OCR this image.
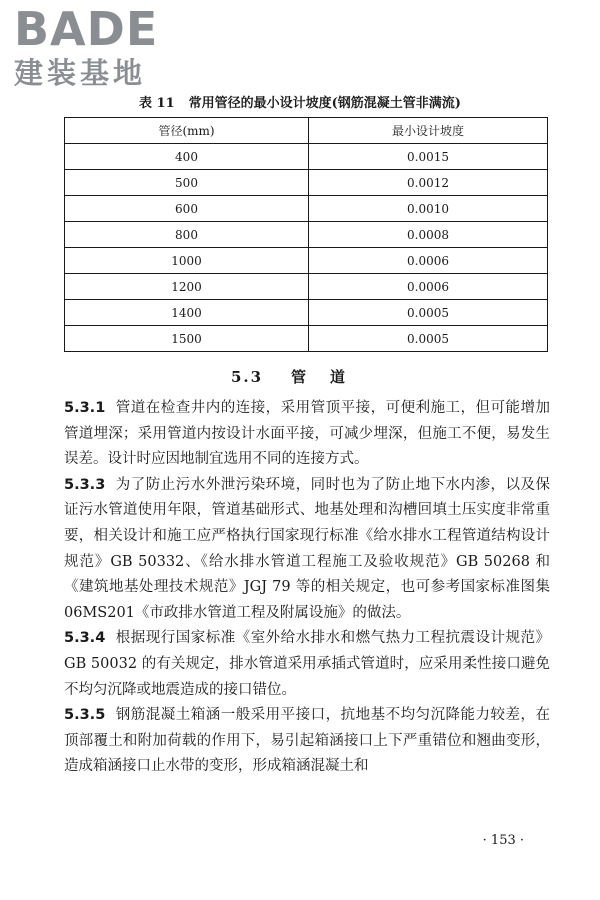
BADE
建装基地
表 11 常用管径的最小设计坡度(钢筋混凝土管非满流)
管径(mm)	最小设计坡度
400	0.0015
500	0.0012
600	0.0010
800	0.0008
1000	0.0006
1200	0.0006
1400	0.0005
1500	0.0005
5.3 管道

5.3.1 管道在检查井内的连接，采用管顶平接，可便利施工，但可能增加管道埋深；采用管道内按设计水面平接，可减少埋深，但施工不便，易发生误差。设计时应因地制宜选用不同的连接方式。

5.3.3 为了防止污水外泄污染环境，同时也为了防止地下水内渗，以及保证污水管道使用年限，管道基础形式、地基处理和沟槽回填土压实度非常重要，相关设计和施工应严格执行国家现行标准《给水排水工程管道结构设计规范》GB 50332、《给水排水管道工程施工及验收规范》GB 50268 和《建筑地基处理技术规范》JGJ 79 等的相关规定，也可参考国家标准图集 06MS201《市政排水管道工程及附属设施》的做法。

5.3.4 根据现行国家标准《室外给水排水和燃气热力工程抗震设计规范》GB 50032 的有关规定，排水管道采用承插式管道时，应采用柔性接口避免不均匀沉降或地震造成的接口错位。

5.3.5 钢筋混凝土箱涵一般采用平接口，抗地基不均匀沉降能力较差，在顶部覆土和附加荷载的作用下，易引起箱涵接口上下严重错位和翘曲变形，造成箱涵接口止水带的变形，形成箱涵混凝土和

· 153 ·
